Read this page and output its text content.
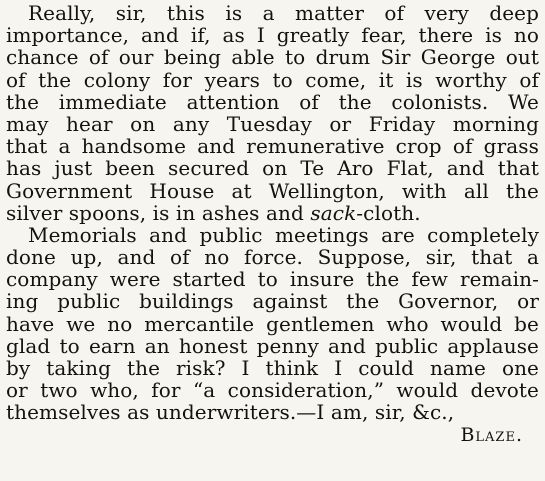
Really, sir, this is a matter of very deep
importance, and if, as I greatly fear, there is no
chance of our being able to drum Sir George out
of the colony for years to come, it is worthy of
the immediate attention of the colonists. We
may hear on any Tuesday or Friday morning
that a handsome and remunerative crop of grass
has just been secured on Te Aro Flat, and that
Government House at Wellington, with all the
silver spoons, is in ashes and sack-cloth.
Memorials and public meetings are completely
done up, and of no force. Suppose, sir, that a
company were started to insure the few remain-
ing public buildings against the Governor, or
have we no mercantile gentlemen who would be
glad to earn an honest penny and public applause
by taking the risk? I think I could name one
or two who, for “a consideration,” would devote
themselves as underwriters.—I am, sir, &c.,
Blaze.
